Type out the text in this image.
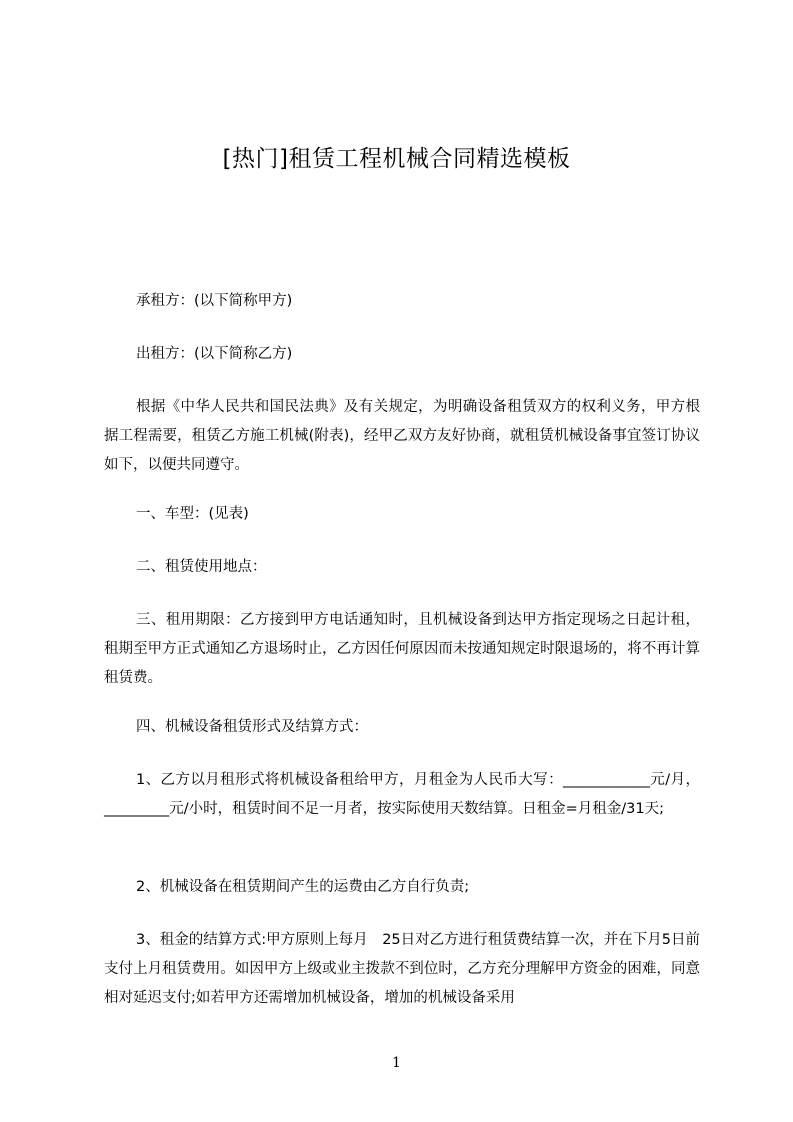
[热门]租赁工程机械合同精选模板

承租方：(以下简称甲方)

出租方：(以下简称乙方)

根据《中华人民共和国民法典》及有关规定，为明确设备租赁双方的权利义务，甲方根据工程需要，租赁乙方施工机械(附表)，经甲乙双方友好协商，就租赁机械设备事宜签订协议如下，以便共同遵守。

一、车型：(见表)

二、租赁使用地点：

三、租用期限：乙方接到甲方电话通知时，且机械设备到达甲方指定现场之日起计租，租期至甲方正式通知乙方退场时止，乙方因任何原因而未按通知规定时限退场的，将不再计算租赁费。

四、机械设备租赁形式及结算方式：

1、乙方以月租形式将机械设备租给甲方，月租金为人民币大写：____________元/月，_________元/小时，租赁时间不足一月者，按实际使用天数结算。日租金=月租金/31天;

2、机械设备在租赁期间产生的运费由乙方自行负责;

3、租金的结算方式:甲方原则上每月　25日对乙方进行租赁费结算一次，并在下月5日前支付上月租赁费用。如因甲方上级或业主拨款不到位时，乙方充分理解甲方资金的困难，同意相对延迟支付;如若甲方还需增加机械设备，增加的机械设备采用

1
